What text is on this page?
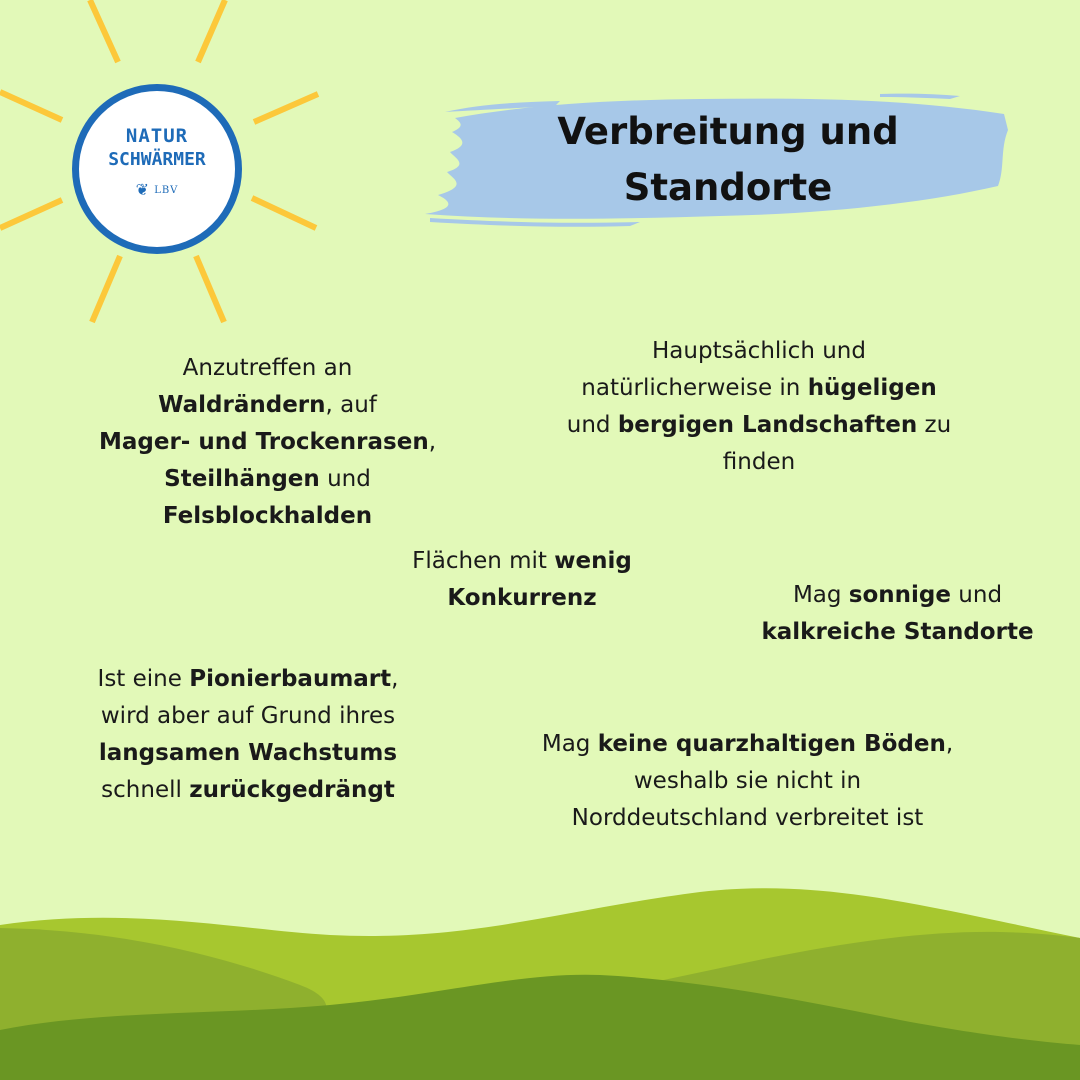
NATUR
SCHWÄRMER
❦ LBV
Verbreitung und Standorte
Anzutreffen an
Waldrändern, auf
Mager- und Trockenrasen,
Steilhängen und
Felsblockhalden
Hauptsächlich und
natürlicherweise in hügeligen
und bergigen Landschaften zu
finden
Flächen mit wenig
Konkurrenz	Mag sonnige und
kalkreiche Standorte
Ist eine Pionierbaumart,
wird aber auf Grund ihres
langsamen Wachstums
schnell zurückgedrängt
Mag keine quarzhaltigen Böden,
weshalb sie nicht in
Norddeutschland verbreitet ist
